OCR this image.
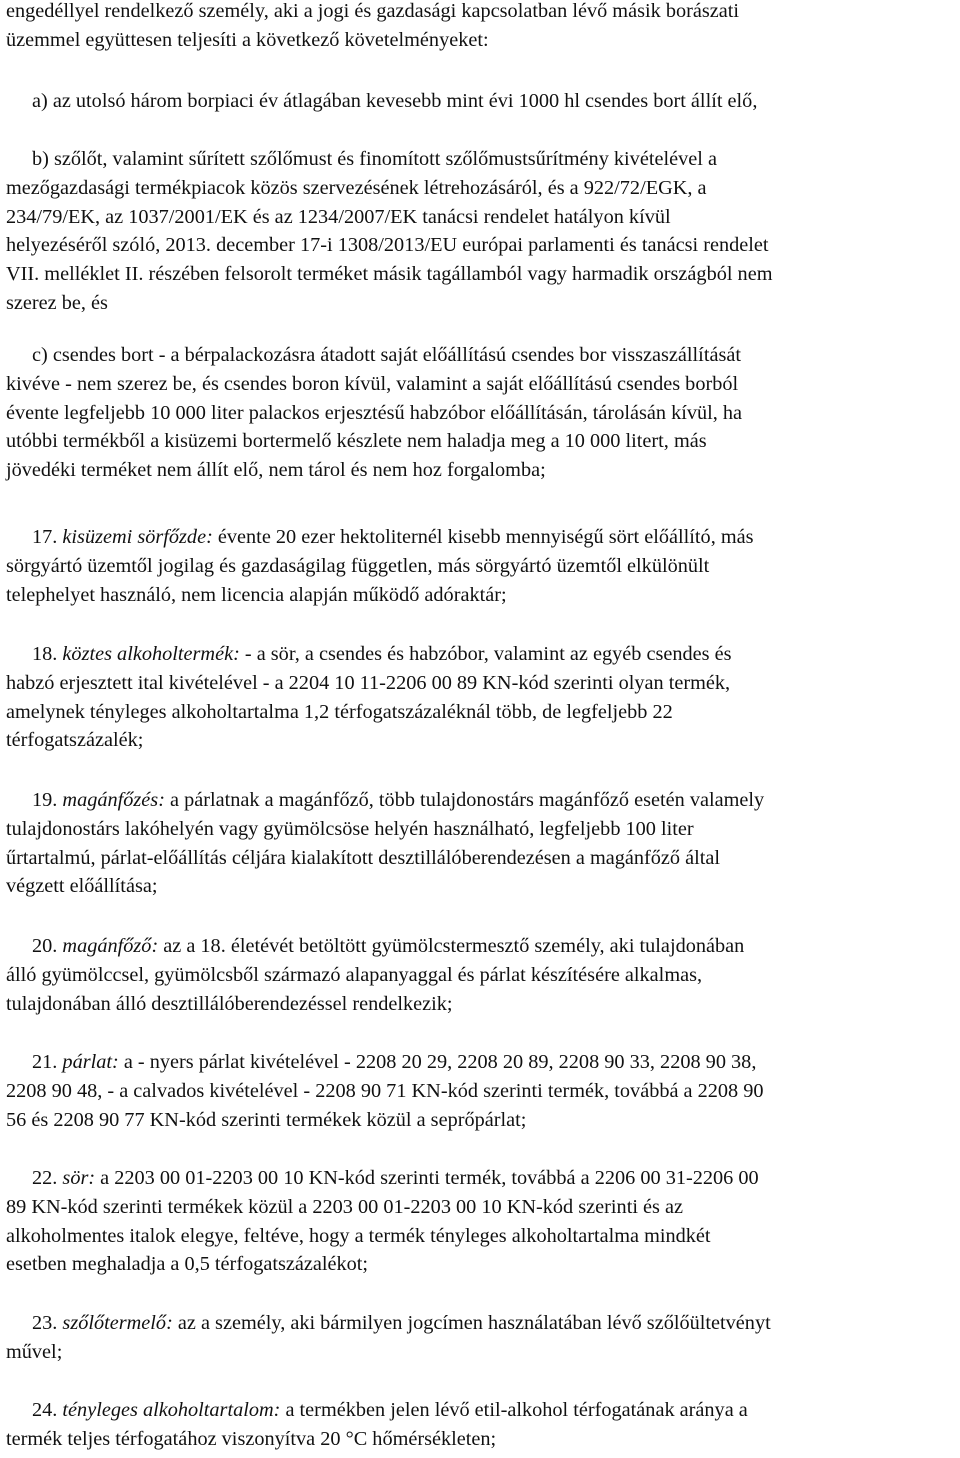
engedéllyel rendelkező személy, aki a jogi és gazdasági kapcsolatban lévő másik borászati
üzemmel együttesen teljesíti a következő követelményeket:
a) az utolsó három borpiaci év átlagában kevesebb mint évi 1000 hl csendes bort állít elő,
b) szőlőt, valamint sűrített szőlőmust és finomított szőlőmustsűrítmény kivételével a
mezőgazdasági termékpiacok közös szervezésének létrehozásáról, és a 922/72/EGK, a
234/79/EK, az 1037/2001/EK és az 1234/2007/EK tanácsi rendelet hatályon kívül
helyezéséről szóló, 2013. december 17-i 1308/2013/EU európai parlamenti és tanácsi rendelet
VII. melléklet II. részében felsorolt terméket másik tagállamból vagy harmadik országból nem
szerez be, és
c) csendes bort - a bérpalackozásra átadott saját előállítású csendes bor visszaszállítását
kivéve - nem szerez be, és csendes boron kívül, valamint a saját előállítású csendes borból
évente legfeljebb 10 000 liter palackos erjesztésű habzóbor előállításán, tárolásán kívül, ha
utóbbi termékből a kisüzemi bortermelő készlete nem haladja meg a 10 000 litert, más
jövedéki terméket nem állít elő, nem tárol és nem hoz forgalomba;
17. kisüzemi sörfőzde: évente 20 ezer hektoliternél kisebb mennyiségű sört előállító, más
sörgyártó üzemtől jogilag és gazdaságilag független, más sörgyártó üzemtől elkülönült
telephelyet használó, nem licencia alapján működő adóraktár;
18. köztes alkoholtermék: - a sör, a csendes és habzóbor, valamint az egyéb csendes és
habzó erjesztett ital kivételével - a 2204 10 11-2206 00 89 KN-kód szerinti olyan termék,
amelynek tényleges alkoholtartalma 1,2 térfogatszázaléknál több, de legfeljebb 22
térfogatszázalék;
19. magánfőzés: a párlatnak a magánfőző, több tulajdonostárs magánfőző esetén valamely
tulajdonostárs lakóhelyén vagy gyümölcsöse helyén használható, legfeljebb 100 liter
űrtartalmú, párlat-előállítás céljára kialakított desztillálóberendezésen a magánfőző által
végzett előállítása;
20. magánfőző: az a 18. életévét betöltött gyümölcstermesztő személy, aki tulajdonában
álló gyümölccsel, gyümölcsből származó alapanyaggal és párlat készítésére alkalmas,
tulajdonában álló desztillálóberendezéssel rendelkezik;
21. párlat: a - nyers párlat kivételével - 2208 20 29, 2208 20 89, 2208 90 33, 2208 90 38,
2208 90 48, - a calvados kivételével - 2208 90 71 KN-kód szerinti termék, továbbá a 2208 90
56 és 2208 90 77 KN-kód szerinti termékek közül a seprőpárlat;
22. sör: a 2203 00 01-2203 00 10 KN-kód szerinti termék, továbbá a 2206 00 31-2206 00
89 KN-kód szerinti termékek közül a 2203 00 01-2203 00 10 KN-kód szerinti és az
alkoholmentes italok elegye, feltéve, hogy a termék tényleges alkoholtartalma mindkét
esetben meghaladja a 0,5 térfogatszázalékot;
23. szőlőtermelő: az a személy, aki bármilyen jogcímen használatában lévő szőlőültetvényt
művel;
24. tényleges alkoholtartalom: a termékben jelen lévő etil-alkohol térfogatának aránya a
termék teljes térfogatához viszonyítva 20 °C hőmérsékleten;
